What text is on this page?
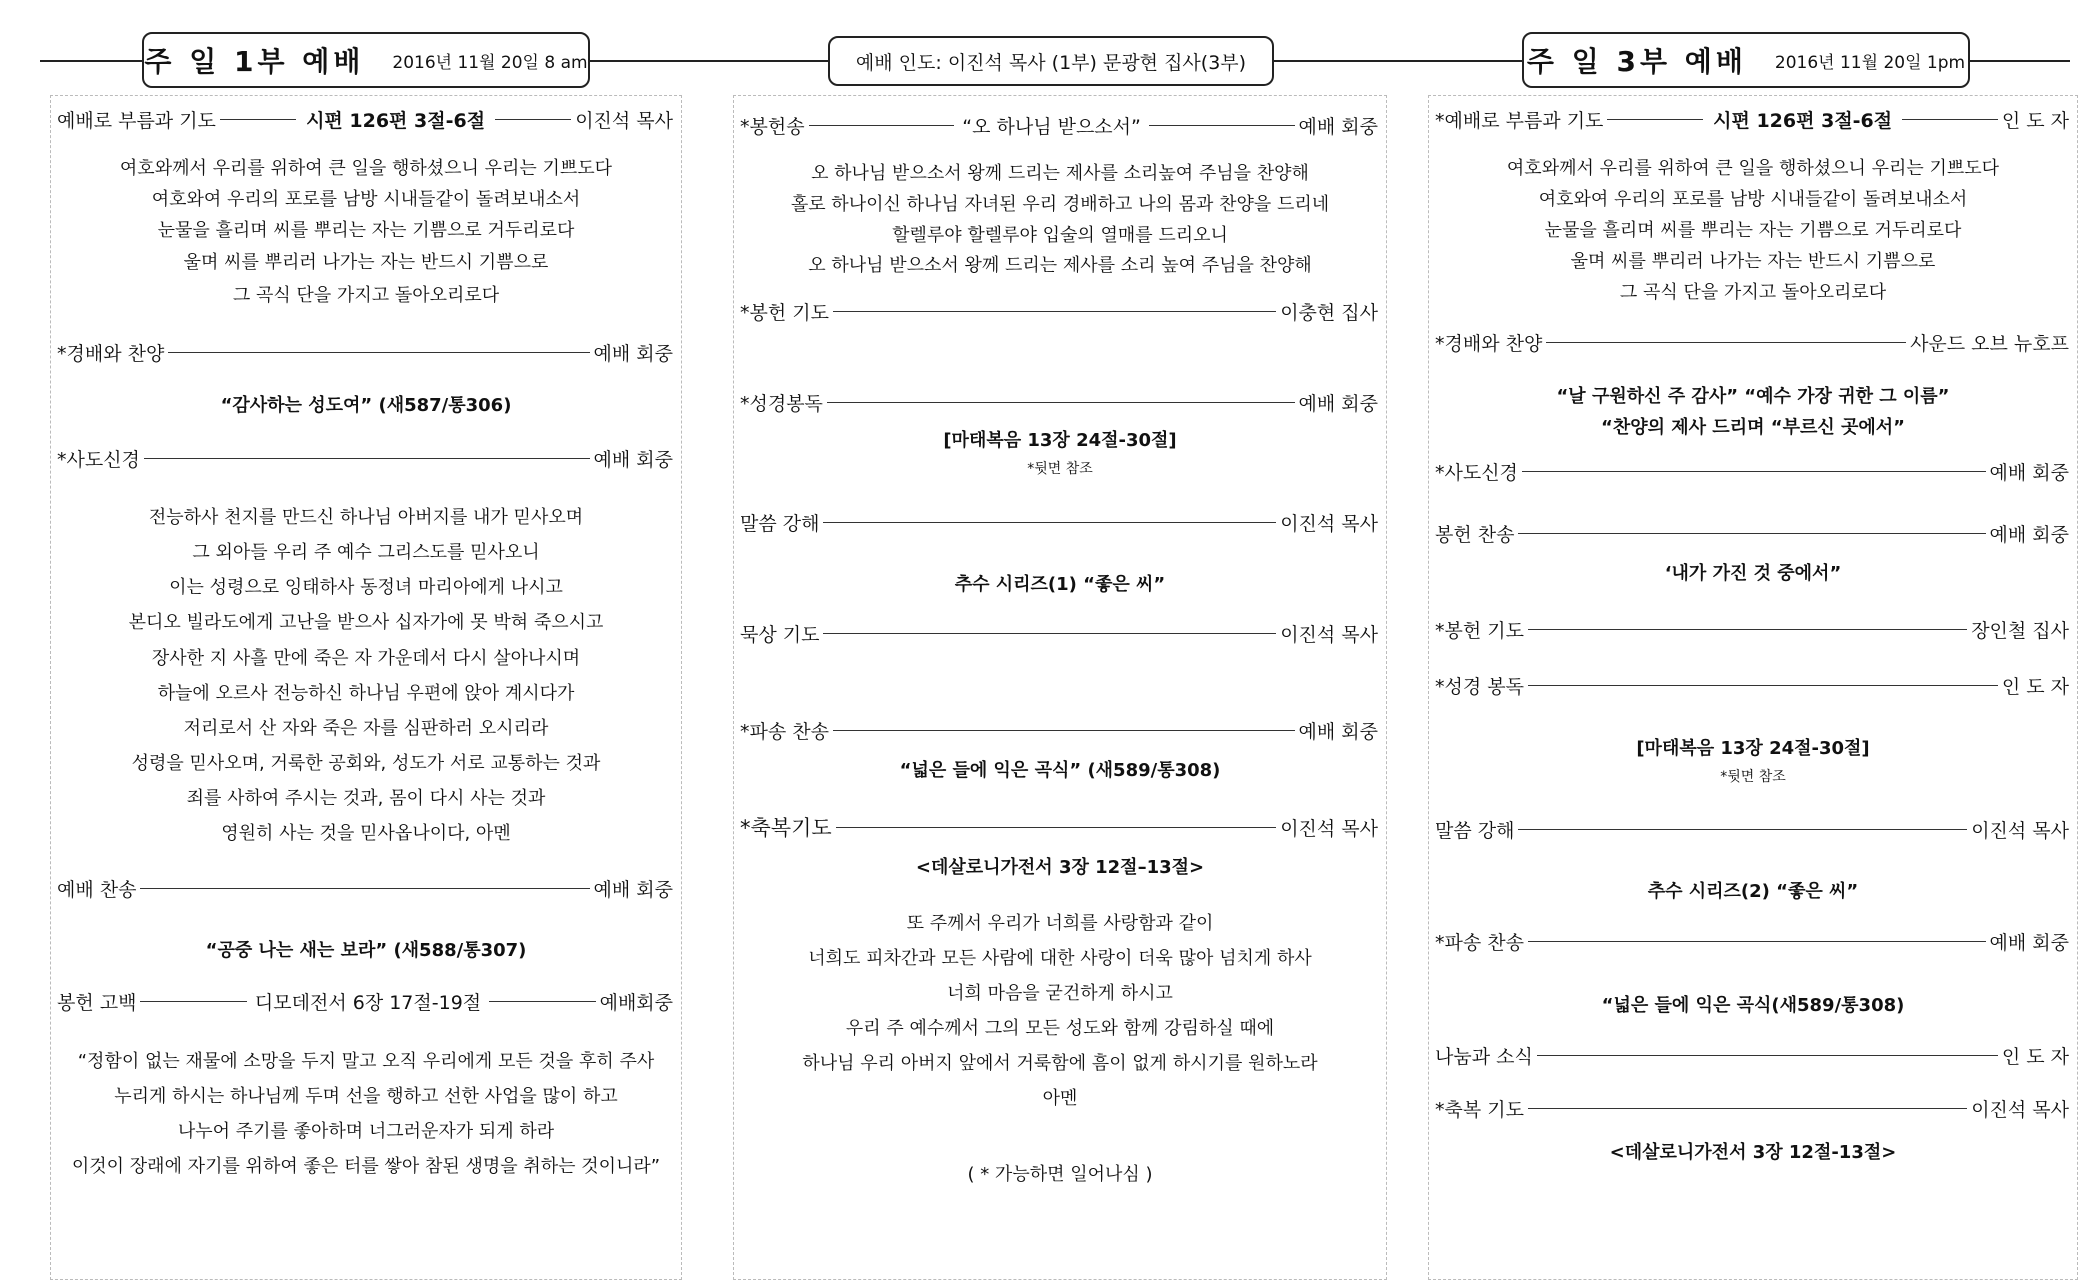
주 일 1부 예배 2016년 11월 20일 8 am	예배 인도: 이진석 목사 (1부) 문광현 집사(3부)	주 일 3부 예배 2016년 11월 20일 1pm
예배로 부름과 기도	시편 126편 3절-6절	이진석 목사
여호와께서 우리를 위하여 큰 일을 행하셨으니 우리는 기쁘도다
여호와여 우리의 포로를 남방 시내들같이 돌려보내소서
눈물을 흘리며 씨를 뿌리는 자는 기쁨으로 거두리로다
울며 씨를 뿌리러 나가는 자는 반드시 기쁨으로
그 곡식 단을 가지고 돌아오리로다
*경배와 찬양	예배 회중
“감사하는 성도여” (새587/통306)
*사도신경	예배 회중
전능하사 천지를 만드신 하나님 아버지를 내가 믿사오며
그 외아들 우리 주 예수 그리스도를 믿사오니
이는 성령으로 잉태하사 동정녀 마리아에게 나시고
본디오 빌라도에게 고난을 받으사 십자가에 못 박혀 죽으시고
장사한 지 사흘 만에 죽은 자 가운데서 다시 살아나시며
하늘에 오르사 전능하신 하나님 우편에 앉아 계시다가
저리로서 산 자와 죽은 자를 심판하러 오시리라
성령을 믿사오며, 거룩한 공회와, 성도가 서로 교통하는 것과
죄를 사하여 주시는 것과, 몸이 다시 사는 것과
영원히 사는 것을 믿사옵나이다, 아멘
예배 찬송	예배 회중
“공중 나는 새는 보라” (새588/통307)
봉헌 고백	디모데전서 6장 17절-19절	예배회중
“정함이 없는 재물에 소망을 두지 말고 오직 우리에게 모든 것을 후히 주사
누리게 하시는 하나님께 두며 선을 행하고 선한 사업을 많이 하고
나누어 주기를 좋아하며 너그러운자가 되게 하라
이것이 장래에 자기를 위하여 좋은 터를 쌓아 참된 생명을 취하는 것이니라”
*봉헌송	“오 하나님 받으소서”	예배 회중
오 하나님 받으소서 왕께 드리는 제사를 소리높여 주님을 찬양해
홀로 하나이신 하나님 자녀된 우리 경배하고 나의 몸과 찬양을 드리네
할렐루야 할렐루야 입술의 열매를 드리오니
오 하나님 받으소서 왕께 드리는 제사를 소리 높여 주님을 찬양해
*봉헌 기도	이충현 집사
*성경봉독	예배 회중
[마태복음 13장 24절-30절]
*뒷면 참조
말씀 강해	이진석 목사
추수 시리즈(1) “좋은 씨”
묵상 기도	이진석 목사
*파송 찬송	예배 회중
“넓은 들에 익은 곡식” (새589/통308)
*축복기도	이진석 목사
<데살로니가전서 3장 12절–13절>
또 주께서 우리가 너희를 사랑함과 같이
너희도 피차간과 모든 사람에 대한 사랑이 더욱 많아 넘치게 하사
너희 마음을 굳건하게 하시고
우리 주 예수께서 그의 모든 성도와 함께 강림하실 때에
하나님 우리 아버지 앞에서 거룩함에 흠이 없게 하시기를 원하노라
아멘
( * 가능하면 일어나심 )
*예배로 부름과 기도	시편 126편 3절-6절	인 도 자
여호와께서 우리를 위하여 큰 일을 행하셨으니 우리는 기쁘도다
여호와여 우리의 포로를 남방 시내들같이 돌려보내소서
눈물을 흘리며 씨를 뿌리는 자는 기쁨으로 거두리로다
울며 씨를 뿌리러 나가는 자는 반드시 기쁨으로
그 곡식 단을 가지고 돌아오리로다
*경배와 찬양	사운드 오브 뉴호프
“날 구원하신 주 감사” “예수 가장 귀한 그 이름”
“찬양의 제사 드리며 “부르신 곳에서”
*사도신경	예배 회중
봉헌 찬송	예배 회중
‘내가 가진 것 중에서”
*봉헌 기도	장인철 집사
*성경 봉독	인 도 자
[마태복음 13장 24절-30절]
*뒷면 참조
말씀 강해	이진석 목사
추수 시리즈(2) “좋은 씨”
*파송 찬송	예배 회중
“넓은 들에 익은 곡식(새589/통308)
나눔과 소식	인 도 자
*축복 기도	이진석 목사
<데살로니가전서 3장 12절-13절>
